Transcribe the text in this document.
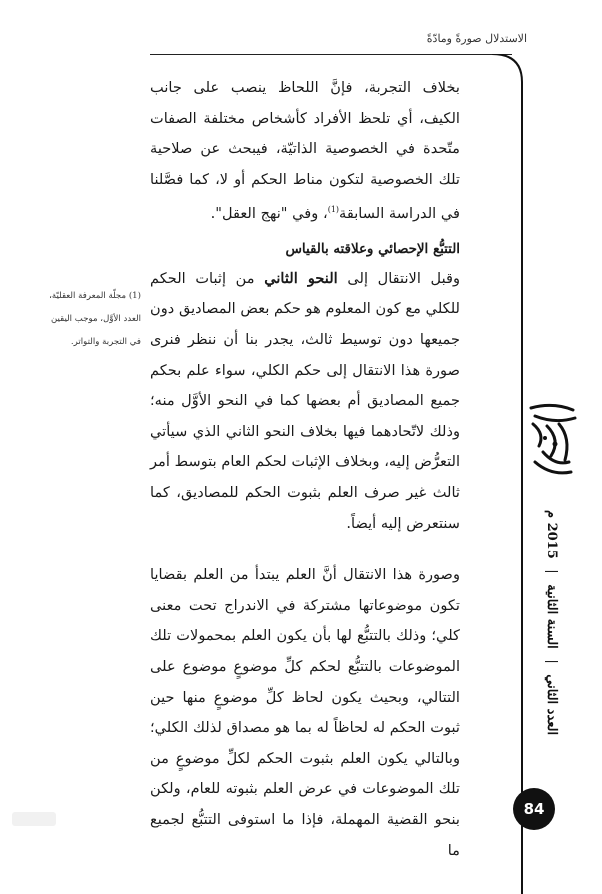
الاستدلال صورةً ومادّةً

بخلاف التجربة، فإنَّ اللحاظ ينصب على جانب الكيف، أي تلحظ الأفراد كأشخاص مختلفة الصفات متّحدة في الخصوصية الذاتيّة، فيبحث عن صلاحية تلك الخصوصية لتكون مناط الحكم أو لا، كما فصَّلنا في الدراسة السابقة$^{(1)}$، وفي "نهج العقل".

التتبُّع الإحصائي وعلاقته بالقياس

وقبل الانتقال إلى النحو الثاني من إثبات الحكم للكلي مع كون المعلوم هو حكم بعض المصاديق دون جميعها دون توسيط ثالث، يجدر بنا أن ننظر فنرى صورة هذا الانتقال إلى حكم الكلي، سواء علم بحكم جميع المصاديق أم بعضها كما في النحو الأوَّل منه؛ وذلك لاتّحادهما فيها بخلاف النحو الثاني الذي سيأتي التعرُّض إليه، وبخلاف الإثبات لحكم العام بتوسط أمر ثالث غير صرف العلم بثبوت الحكم للمصاديق، كما سنتعرض إليه أيضاً.

وصورة هذا الانتقال أنَّ العلم يبتدأ من العلم بقضايا تكون موضوعاتها مشتركة في الاندراج تحت معنى كلي؛ وذلك بالتتبُّع لها بأن يكون العلم بمحمولات تلك الموضوعات بالتتبُّع لحكم كلِّ موضوعٍ موضوع على التتالي، وبحيث يكون لحاظ كلِّ موضوعٍ منها حين ثبوت الحكم له لحاظاً له بما هو مصداق لذلك الكلي؛ وبالتالي يكون العلم بثبوت الحكم لكلِّ موضوعٍ من تلك الموضوعات في عرض العلم بثبوته للعام، ولكن بنحو القضية المهملة، فإذا ما استوفى التتبُّع لجميع ما

(1) مجلّة المعرفة العقليّة،
العدد الأوَّل، موجب اليقين
في التجربة والتواتر.
العدد الثاني | السنة الثانية | 2015 م
84
